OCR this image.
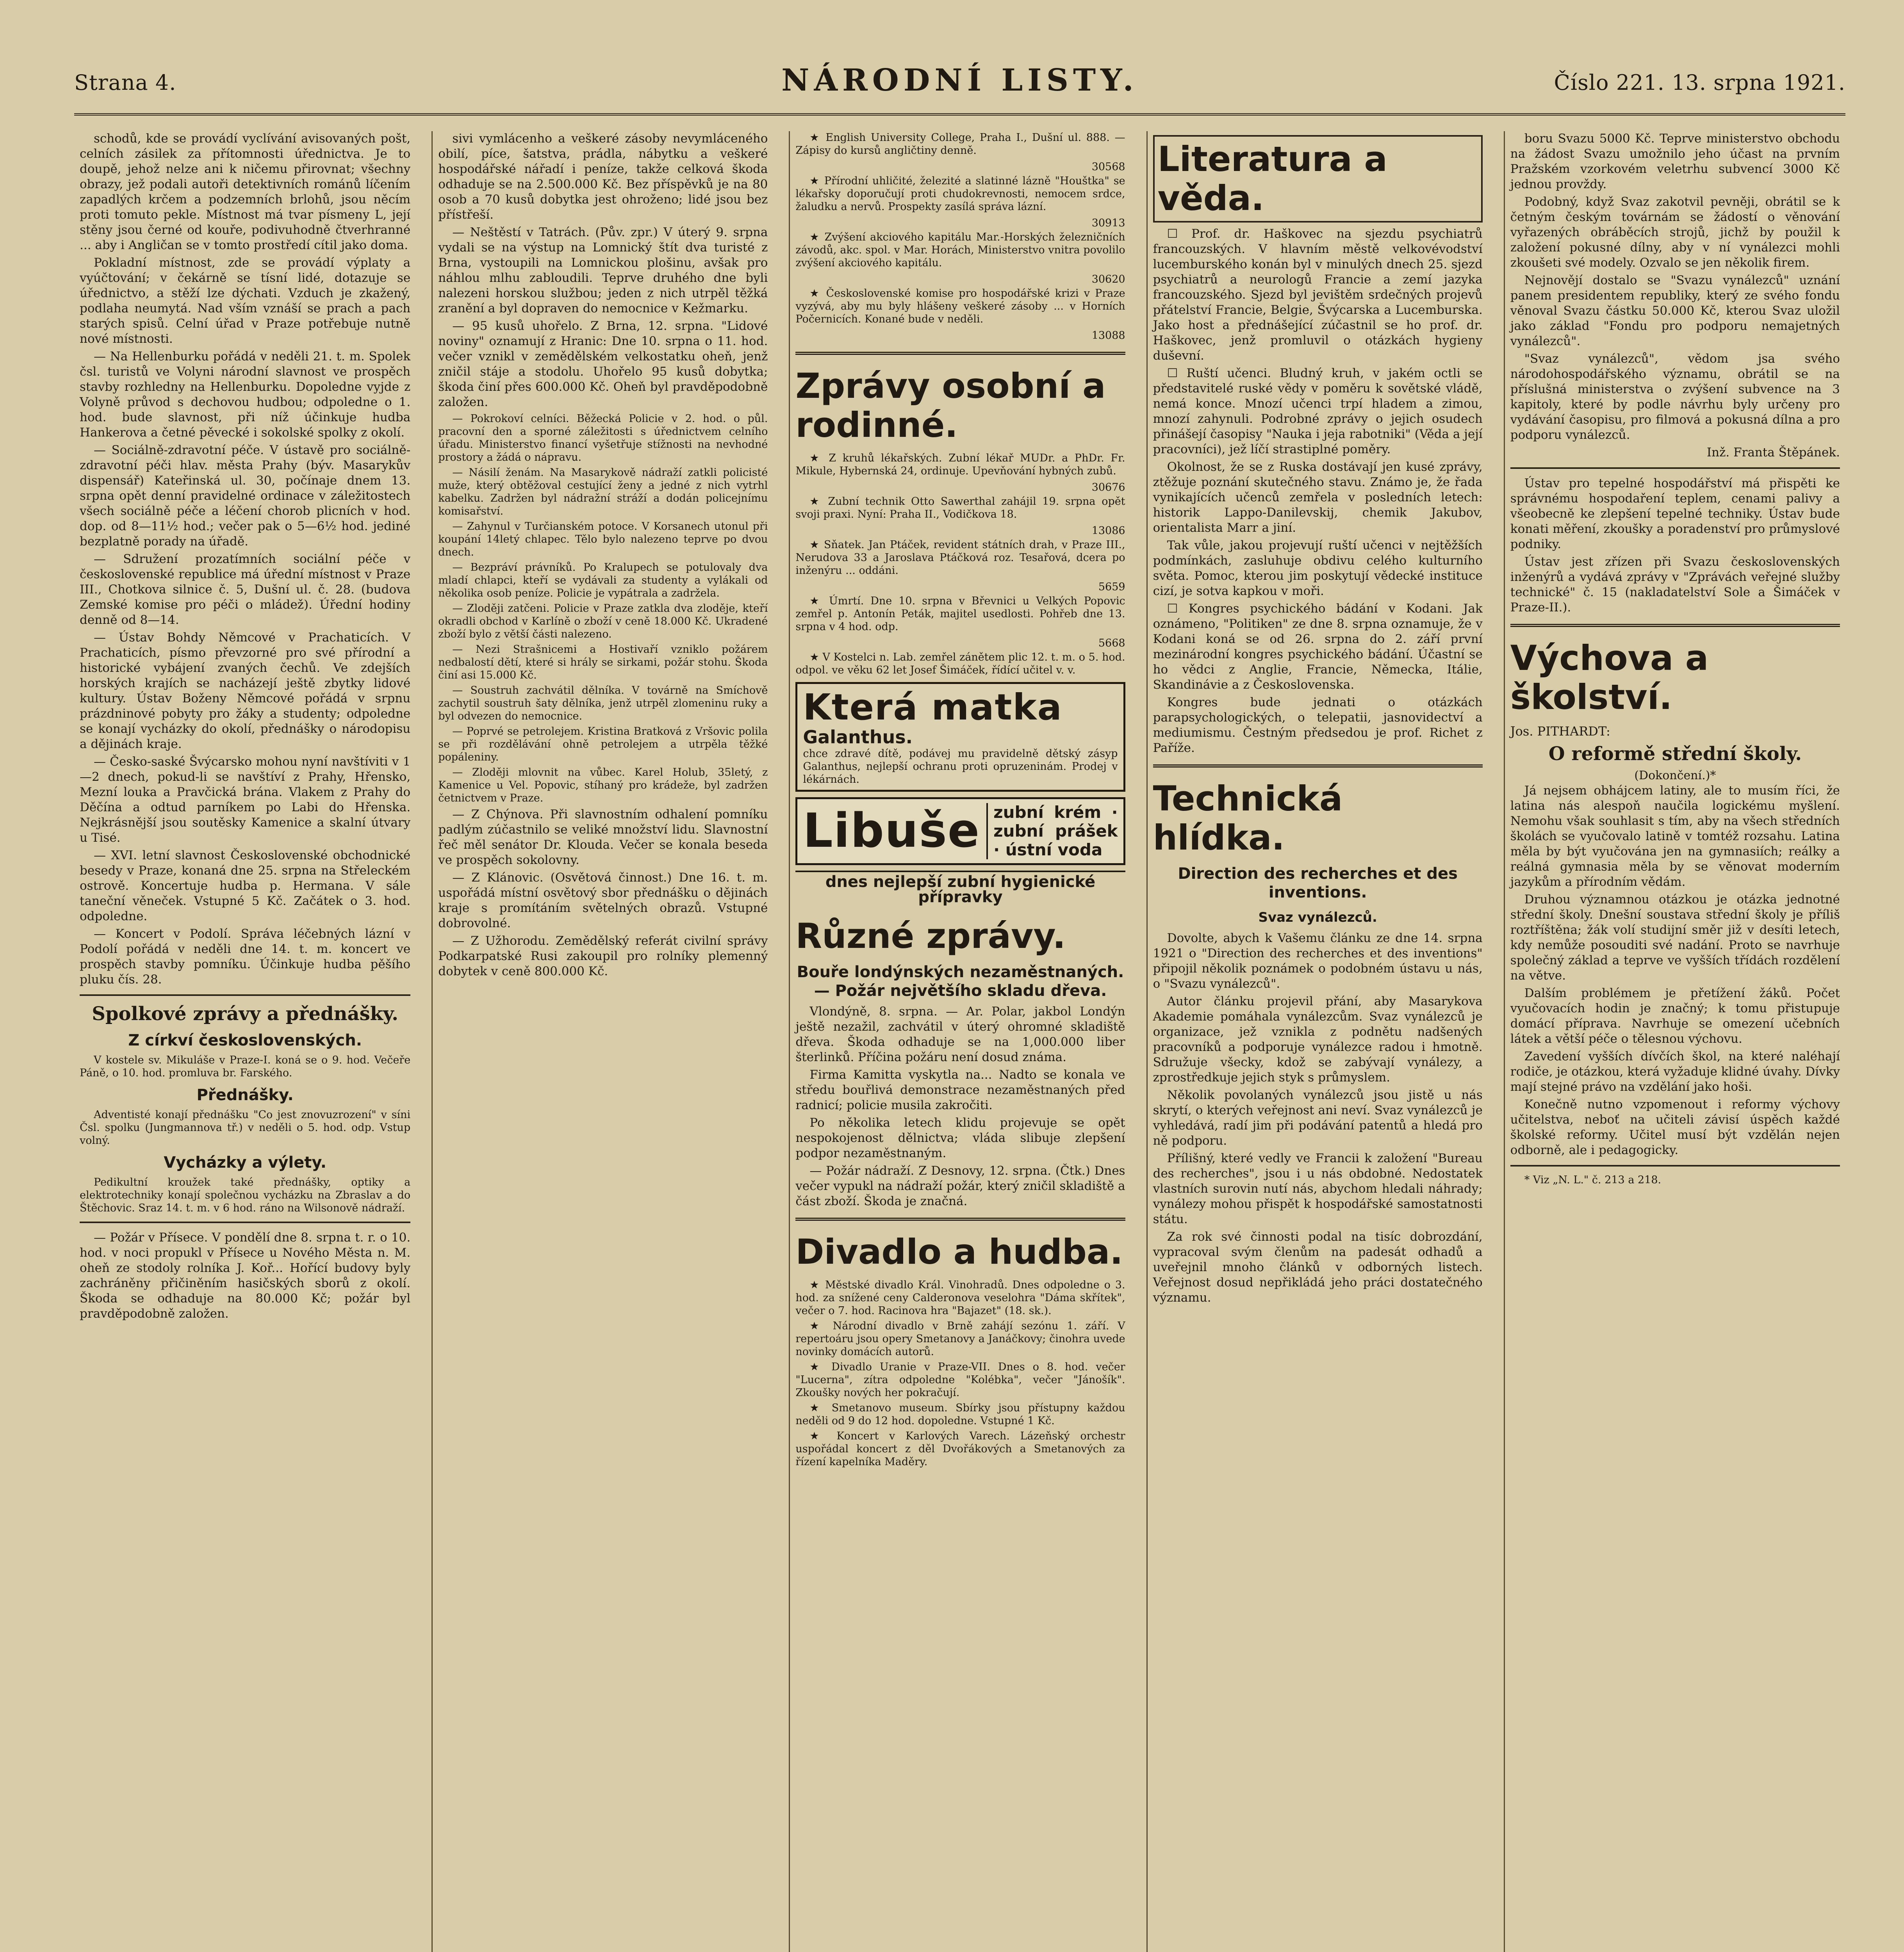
Strana 4.	NÁRODNÍ LISTY.	Číslo 221. 13. srpna 1921.

schodů, kde se provádí vyclívání avisovaných pošt, celních zásilek za přítomnosti úřednictva. Je to doupě, jehož nelze ani k ničemu přirovnat; všechny obrazy, jež podali autoři detektivních románů líčením zapadlých krčem a podzemních brlohů, jsou něcím proti tomuto pekle. Místnost má tvar písmeny L, její stěny jsou černé od kouře, podivuhodně čtverhranné ... aby i Angličan se v tomto prostředí cítil jako doma.

Pokladní místnost, zde se provádí výplaty a vyúčtování; v čekárně se tísní lidé, dotazuje se úřednictvo, a stěží lze dýchati. Vzduch je zkažený, podlaha neumytá. Nad vším vznáší se prach a pach starých spisů. Celní úřad v Praze potřebuje nutně nové místnosti.

— Na Hellenburku pořádá v neděli 21. t. m. Spolek čsl. turistů ve Volyni národní slavnost ve prospěch stavby rozhledny na Hellenburku. Dopoledne vyjde z Volyně průvod s dechovou hudbou; odpoledne o 1. hod. bude slavnost, při níž účinkuje hudba Hankerova a četné pěvecké i sokolské spolky z okolí.

— Sociálně-zdravotní péče. V ústavě pro sociálně-zdravotní péči hlav. města Prahy (býv. Masarykův dispensář) Kateřinská ul. 30, počínaje dnem 13. srpna opět denní pravidelné ordinace v záležitostech všech sociálně péče a léčení chorob plicních v hod. dop. od 8—11½ hod.; večer pak o 5—6½ hod. jediné bezplatně porady na úřadě.

— Sdružení prozatímních sociální péče v československé republice má úřední místnost v Praze III., Chotkova silnice č. 5, Dušní ul. č. 28. (budova Zemské komise pro péči o mládež). Úřední hodiny denně od 8—14.

— Ústav Bohdy Němcové v Prachaticích. V Prachaticích, písmo převzorné pro své přírodní a historické vybájení zvaných čechů. Ve zdejších horských krajích se nacházejí ještě zbytky lidové kultury. Ústav Boženy Němcové pořádá v srpnu prázdninové pobyty pro žáky a studenty; odpoledne se konají vycházky do okolí, přednášky o národopisu a dějinách kraje.

— Česko-saské Švýcarsko mohou nyní navštíviti v 1—2 dnech, pokud-li se navštíví z Prahy, Hřensko, Mezní louka a Pravčická brána. Vlakem z Prahy do Děčína a odtud parníkem po Labi do Hřenska. Nejkrásnější jsou soutěsky Kamenice a skalní útvary u Tisé.

— XVI. letní slavnost Československé obchodnické besedy v Praze, konaná dne 25. srpna na Střeleckém ostrově. Koncertuje hudba p. Hermana. V sále taneční věneček. Vstupné 5 Kč. Začátek o 3. hod. odpoledne.

— Koncert v Podolí. Správa léčebných lázní v Podolí pořádá v neděli dne 14. t. m. koncert ve prospěch stavby pomníku. Účinkuje hudba pěšího pluku čís. 28.

Spolkové zprávy a přednášky.
Z církví československých.

V kostele sv. Mikuláše v Praze-I. koná se o 9. hod. Večeře Páně, o 10. hod. promluva br. Farského.

Přednášky.

Adventisté konají přednášku "Co jest znovuzrození" v síni Čsl. spolku (Jungmannova tř.) v neděli o 5. hod. odp. Vstup volný.

Vycházky a výlety.

Pedikultní kroužek také přednášky, optiky a elektrotechniky konají společnou vycházku na Zbraslav a do Štěchovic. Sraz 14. t. m. v 6 hod. ráno na Wilsonově nádraží.

— Požár v Přísece. V pondělí dne 8. srpna t. r. o 10. hod. v noci propukl v Přísece u Nového Města n. M. oheň ze stodoly rolníka J. Koř... Hořící budovy byly zachráněny přičiněním hasičských sborů z okolí. Škoda se odhaduje na 80.000 Kč; požár byl pravděpodobně založen.

sivi vymlácenho a veškeré zásoby nevymláceného obilí, píce, šatstva, prádla, nábytku a veškeré hospodářské nářadí i peníze, takže celková škoda odhaduje se na 2.500.000 Kč. Bez příspěvků je na 80 osob a 70 kusů dobytka jest ohroženo; lidé jsou bez přístřeší.

— Neštěstí v Tatrách. (Pův. zpr.) V úterý 9. srpna vydali se na výstup na Lomnický štít dva turisté z Brna, vystoupili na Lomnickou plošinu, avšak pro náhlou mlhu zabloudili. Teprve druhého dne byli nalezeni horskou službou; jeden z nich utrpěl těžká zranění a byl dopraven do nemocnice v Kežmarku.

— 95 kusů uhořelo. Z Brna, 12. srpna. "Lidové noviny" oznamují z Hranic: Dne 10. srpna o 11. hod. večer vznikl v zemědělském velkostatku oheň, jenž zničil stáje a stodolu. Uhořelo 95 kusů dobytka; škoda činí přes 600.000 Kč. Oheň byl pravděpodobně založen.

— Pokrokoví celníci. Běžecká Policie v 2. hod. o půl. pracovní den a sporné záležitosti s úřednictvem celního úřadu. Ministerstvo financí vyšetřuje stížnosti na nevhodné prostory a žádá o nápravu.

— Násilí ženám. Na Masarykově nádraží zatkli policisté muže, který obtěžoval cestující ženy a jedné z nich vytrhl kabelku. Zadržen byl nádražní stráží a dodán policejnímu komisařství.

— Zahynul v Turčianském potoce. V Korsanech utonul při koupání 14letý chlapec. Tělo bylo nalezeno teprve po dvou dnech.

— Bezpráví právníků. Po Kralupech se potulovaly dva mladí chlapci, kteří se vydávali za studenty a vylákali od několika osob peníze. Policie je vypátrala a zadržela.

— Zloději zatčeni. Policie v Praze zatkla dva zloděje, kteří okradli obchod v Karlíně o zboží v ceně 18.000 Kč. Ukradené zboží bylo z větší části nalezeno.

— Nezi Strašnicemi a Hostivaří vzniklo požárem nedbalostí dětí, které si hrály se sirkami, požár stohu. Škoda činí asi 15.000 Kč.

— Soustruh zachvátil dělníka. V továrně na Smíchově zachytil soustruh šaty dělníka, jenž utrpěl zlomeninu ruky a byl odvezen do nemocnice.

— Poprvé se petrolejem. Kristina Bratková z Vršovic polila se při rozdělávání ohně petrolejem a utrpěla těžké popáleniny.

— Zloději mlovnit na vůbec. Karel Holub, 35letý, z Kamenice u Vel. Popovic, stíhaný pro krádeže, byl zadržen četnictvem v Praze.

— Z Chýnova. Při slavnostním odhalení pomníku padlým zúčastnilo se veliké množství lidu. Slavnostní řeč měl senátor Dr. Klouda. Večer se konala beseda ve prospěch sokolovny.

— Z Klánovic. (Osvětová činnost.) Dne 16. t. m. uspořádá místní osvětový sbor přednášku o dějinách kraje s promítáním světelných obrazů. Vstupné dobrovolné.

— Z Užhorodu. Zemědělský referát civilní správy Podkarpatské Rusi zakoupil pro rolníky plemenný dobytek v ceně 800.000 Kč.

★ English University College, Praha I., Dušní ul. 888. — Zápisy do kursů angličtiny denně.

30568

★ Přírodní uhličité, železité a slatinné lázně "Houštka" se lékařsky doporučují proti chudokrevnosti, nemocem srdce, žaludku a nervů. Prospekty zasílá správa lázní.

30913

★ Zvýšení akciového kapitálu Mar.-Horských železničních závodů, akc. spol. v Mar. Horách, Ministerstvo vnitra povolilo zvýšení akciového kapitálu.

30620

★ Československé komise pro hospodářské krizi v Praze vyzývá, aby mu byly hlášeny veškeré zásoby ... v Horních Počernicích. Konané bude v neděli.

13088
Zprávy osobní a rodinné.

★ Z kruhů lékařských. Zubní lékař MUDr. a PhDr. Fr. Mikule, Hybernská 24, ordinuje. Upevňování hybných zubů.

30676

★ Zubní technik Otto Sawerthal zahájil 19. srpna opět svoji praxi. Nyní: Praha II., Vodičkova 18.

13086

★ Sňatek. Jan Ptáček, revident státních drah, v Praze III., Nerudova 33 a Jaroslava Ptáčková roz. Tesařová, dcera po inženýru ... oddáni.

5659

★ Úmrtí. Dne 10. srpna v Břevnici u Velkých Popovic zemřel p. Antonín Peták, majitel usedlosti. Pohřeb dne 13. srpna v 4 hod. odp.

5668

★ V Kostelci n. Lab. zemřel zánětem plic 12. t. m. o 5. hod. odpol. ve věku 62 let Josef Šimáček, řídící učitel v. v.

Která matka
Galanthus.
chce zdravé dítě, podávej mu pravidelně dětský zásyp Galanthus, nejlepší ochranu proti opruzeninám. Prodej v lékárnách.
Libuše zubní krém · zubní prášek · ústní voda
dnes nejlepší zubní hygienické přípravky
Různé zprávy.
Bouře londýnských nezaměstnaných. — Požár největšího skladu dřeva.

Vlondýně, 8. srpna. — Ar. Polar, jakbol Londýn ještě nezažil, zachvátil v úterý ohromné skladiště dřeva. Škoda odhaduje se na 1,000.000 liber šterlinků. Příčina požáru není dosud známa.

Firma Kamitta vyskytla na... Nadto se konala ve středu bouřlivá demonstrace nezaměstnaných před radnicí; policie musila zakročiti.

Po několika letech klidu projevuje se opět nespokojenost dělnictva; vláda slibuje zlepšení podpor nezaměstnaným.

— Požár nádraží. Z Desnovy, 12. srpna. (Čtk.) Dnes večer vypukl na nádraží požár, který zničil skladiště a část zboží. Škoda je značná.

Divadlo a hudba.

★ Městské divadlo Král. Vinohradů. Dnes odpoledne o 3. hod. za snížené ceny Calderonova veselohra "Dáma skřítek", večer o 7. hod. Racinova hra "Bajazet" (18. sk.).

★ Národní divadlo v Brně zahájí sezónu 1. září. V repertoáru jsou opery Smetanovy a Janáčkovy; činohra uvede novinky domácích autorů.

★ Divadlo Uranie v Praze-VII. Dnes o 8. hod. večer "Lucerna", zítra odpoledne "Kolébka", večer "Jánošík". Zkoušky nových her pokračují.

★ Smetanovo museum. Sbírky jsou přístupny každou neděli od 9 do 12 hod. dopoledne. Vstupné 1 Kč.

★ Koncert v Karlových Varech. Lázeňský orchestr uspořádal koncert z děl Dvořákových a Smetanových za řízení kapelníka Maděry.

Literatura a věda.

☐ Prof. dr. Haškovec na sjezdu psychiatrů francouzských. V hlavním městě velkovévodství lucemburského konán byl v minulých dnech 25. sjezd psychiatrů a neurologů Francie a zemí jazyka francouzského. Sjezd byl jevištěm srdečných projevů přátelství Francie, Belgie, Švýcarska a Lucemburska. Jako host a přednášející zúčastnil se ho prof. dr. Haškovec, jenž promluvil o otázkách hygieny duševní.

☐ Ruští učenci. Bludný kruh, v jakém octli se představitelé ruské vědy v poměru k sovětské vládě, nemá konce. Mnozí učenci trpí hladem a zimou, mnozí zahynuli. Podrobné zprávy o jejich osudech přinášejí časopisy "Nauka i jeja rabotniki" (Věda a její pracovníci), jež líčí strastiplné poměry.

Okolnost, že se z Ruska dostávají jen kusé zprávy, ztěžuje poznání skutečného stavu. Známo je, že řada vynikajících učenců zemřela v posledních letech: historik Lappo-Danilevskij, chemik Jakubov, orientalista Marr a jiní.

Tak vůle, jakou projevují ruští učenci v nejtěžších podmínkách, zasluhuje obdivu celého kulturního světa. Pomoc, kterou jim poskytují vědecké instituce cizí, je sotva kapkou v moři.

☐ Kongres psychického bádání v Kodani. Jak oznámeno, "Politiken" ze dne 8. srpna oznamuje, že v Kodani koná se od 26. srpna do 2. září první mezinárodní kongres psychického bádání. Účastní se ho vědci z Anglie, Francie, Německa, Itálie, Skandinávie a z Československa.

Kongres bude jednati o otázkách parapsychologických, o telepatii, jasnovidectví a mediumismu. Čestným předsedou je prof. Richet z Paříže.

Technická hlídka.
Direction des recherches et des inventions.
Svaz vynálezců.

Dovolte, abych k Vašemu článku ze dne 14. srpna 1921 o "Direction des recherches et des inventions" připojil několik poznámek o podobném ústavu u nás, o "Svazu vynálezců".

Autor článku projevil přání, aby Masarykova Akademie pomáhala vynálezcům. Svaz vynálezců je organizace, jež vznikla z podnětu nadšených pracovníků a podporuje vynálezce radou i hmotně. Sdružuje všecky, kdož se zabývají vynálezy, a zprostředkuje jejich styk s průmyslem.

Několik povolaných vynálezců jsou jistě u nás skrytí, o kterých veřejnost ani neví. Svaz vynálezců je vyhledává, radí jim při podávání patentů a hledá pro ně podporu.

Přílišný, které vedly ve Francii k založení "Bureau des recherches", jsou i u nás obdobné. Nedostatek vlastních surovin nutí nás, abychom hledali náhrady; vynálezy mohou přispět k hospodářské samostatnosti státu.

Za rok své činnosti podal na tisíc dobrozdání, vypracoval svým členům na padesát odhadů a uveřejnil mnoho článků v odborných listech. Veřejnost dosud nepřikládá jeho práci dostatečného významu.

boru Svazu 5000 Kč. Teprve ministerstvo obchodu na žádost Svazu umožnilo jeho účast na prvním Pražském vzorkovém veletrhu subvencí 3000 Kč jednou provždy.

Podobný, když Svaz zakotvil pevněji, obrátil se k četným českým továrnám se žádostí o věnování vyřazených obráběcích strojů, jichž by použil k založení pokusné dílny, aby v ní vynálezci mohli zkoušeti své modely. Ozvalo se jen několik firem.

Nejnovějí dostalo se "Svazu vynálezců" uznání panem presidentem republiky, který ze svého fondu věnoval Svazu částku 50.000 Kč, kterou Svaz uložil jako základ "Fondu pro podporu nemajetných vynálezců".

"Svaz vynálezců", vědom jsa svého národohospodářského významu, obrátil se na příslušná ministerstva o zvýšení subvence na 3 kapitoly, které by podle návrhu byly určeny pro vydávání časopisu, pro filmová a pokusná dílna a pro podporu vynálezců.

Inž. Franta Štěpánek.

Ústav pro tepelné hospodářství má přispěti ke správnému hospodaření teplem, cenami palivy a všeobecně ke zlepšení tepelné techniky. Ústav bude konati měření, zkoušky a poradenství pro průmyslové podniky.

Ústav jest zřízen při Svazu československých inženýrů a vydává zprávy v "Zprávách veřejné služby technické" č. 15 (nakladatelství Sole a Šimáček v Praze-II.).

Výchova a školství.
Jos. PITHARDT:
O reformě střední školy.
(Dokončení.)*

Já nejsem obhájcem latiny, ale to musím říci, že latina nás alespoň naučila logickému myšlení. Nemohu však souhlasit s tím, aby na všech středních školách se vyučovalo latině v tomtéž rozsahu. Latina měla by být vyučována jen na gymnasiích; reálky a reálná gymnasia měla by se věnovat moderním jazykům a přírodním vědám.

Druhou významnou otázkou je otázka jednotné střední školy. Dnešní soustava střední školy je příliš roztříštěna; žák volí studijní směr již v desíti letech, kdy nemůže posouditi své nadání. Proto se navrhuje společný základ a teprve ve vyšších třídách rozdělení na větve.

Dalším problémem je přetížení žáků. Počet vyučovacích hodin je značný; k tomu přistupuje domácí příprava. Navrhuje se omezení učebních látek a větší péče o tělesnou výchovu.

Zavedení vyšších dívčích škol, na které naléhají rodiče, je otázkou, která vyžaduje klidné úvahy. Dívky mají stejné právo na vzdělání jako hoši.

Konečně nutno vzpomenout i reformy výchovy učitelstva, neboť na učiteli závisí úspěch každé školské reformy. Učitel musí být vzdělán nejen odborně, ale i pedagogicky.

* Viz „N. L." č. 213 a 218.
